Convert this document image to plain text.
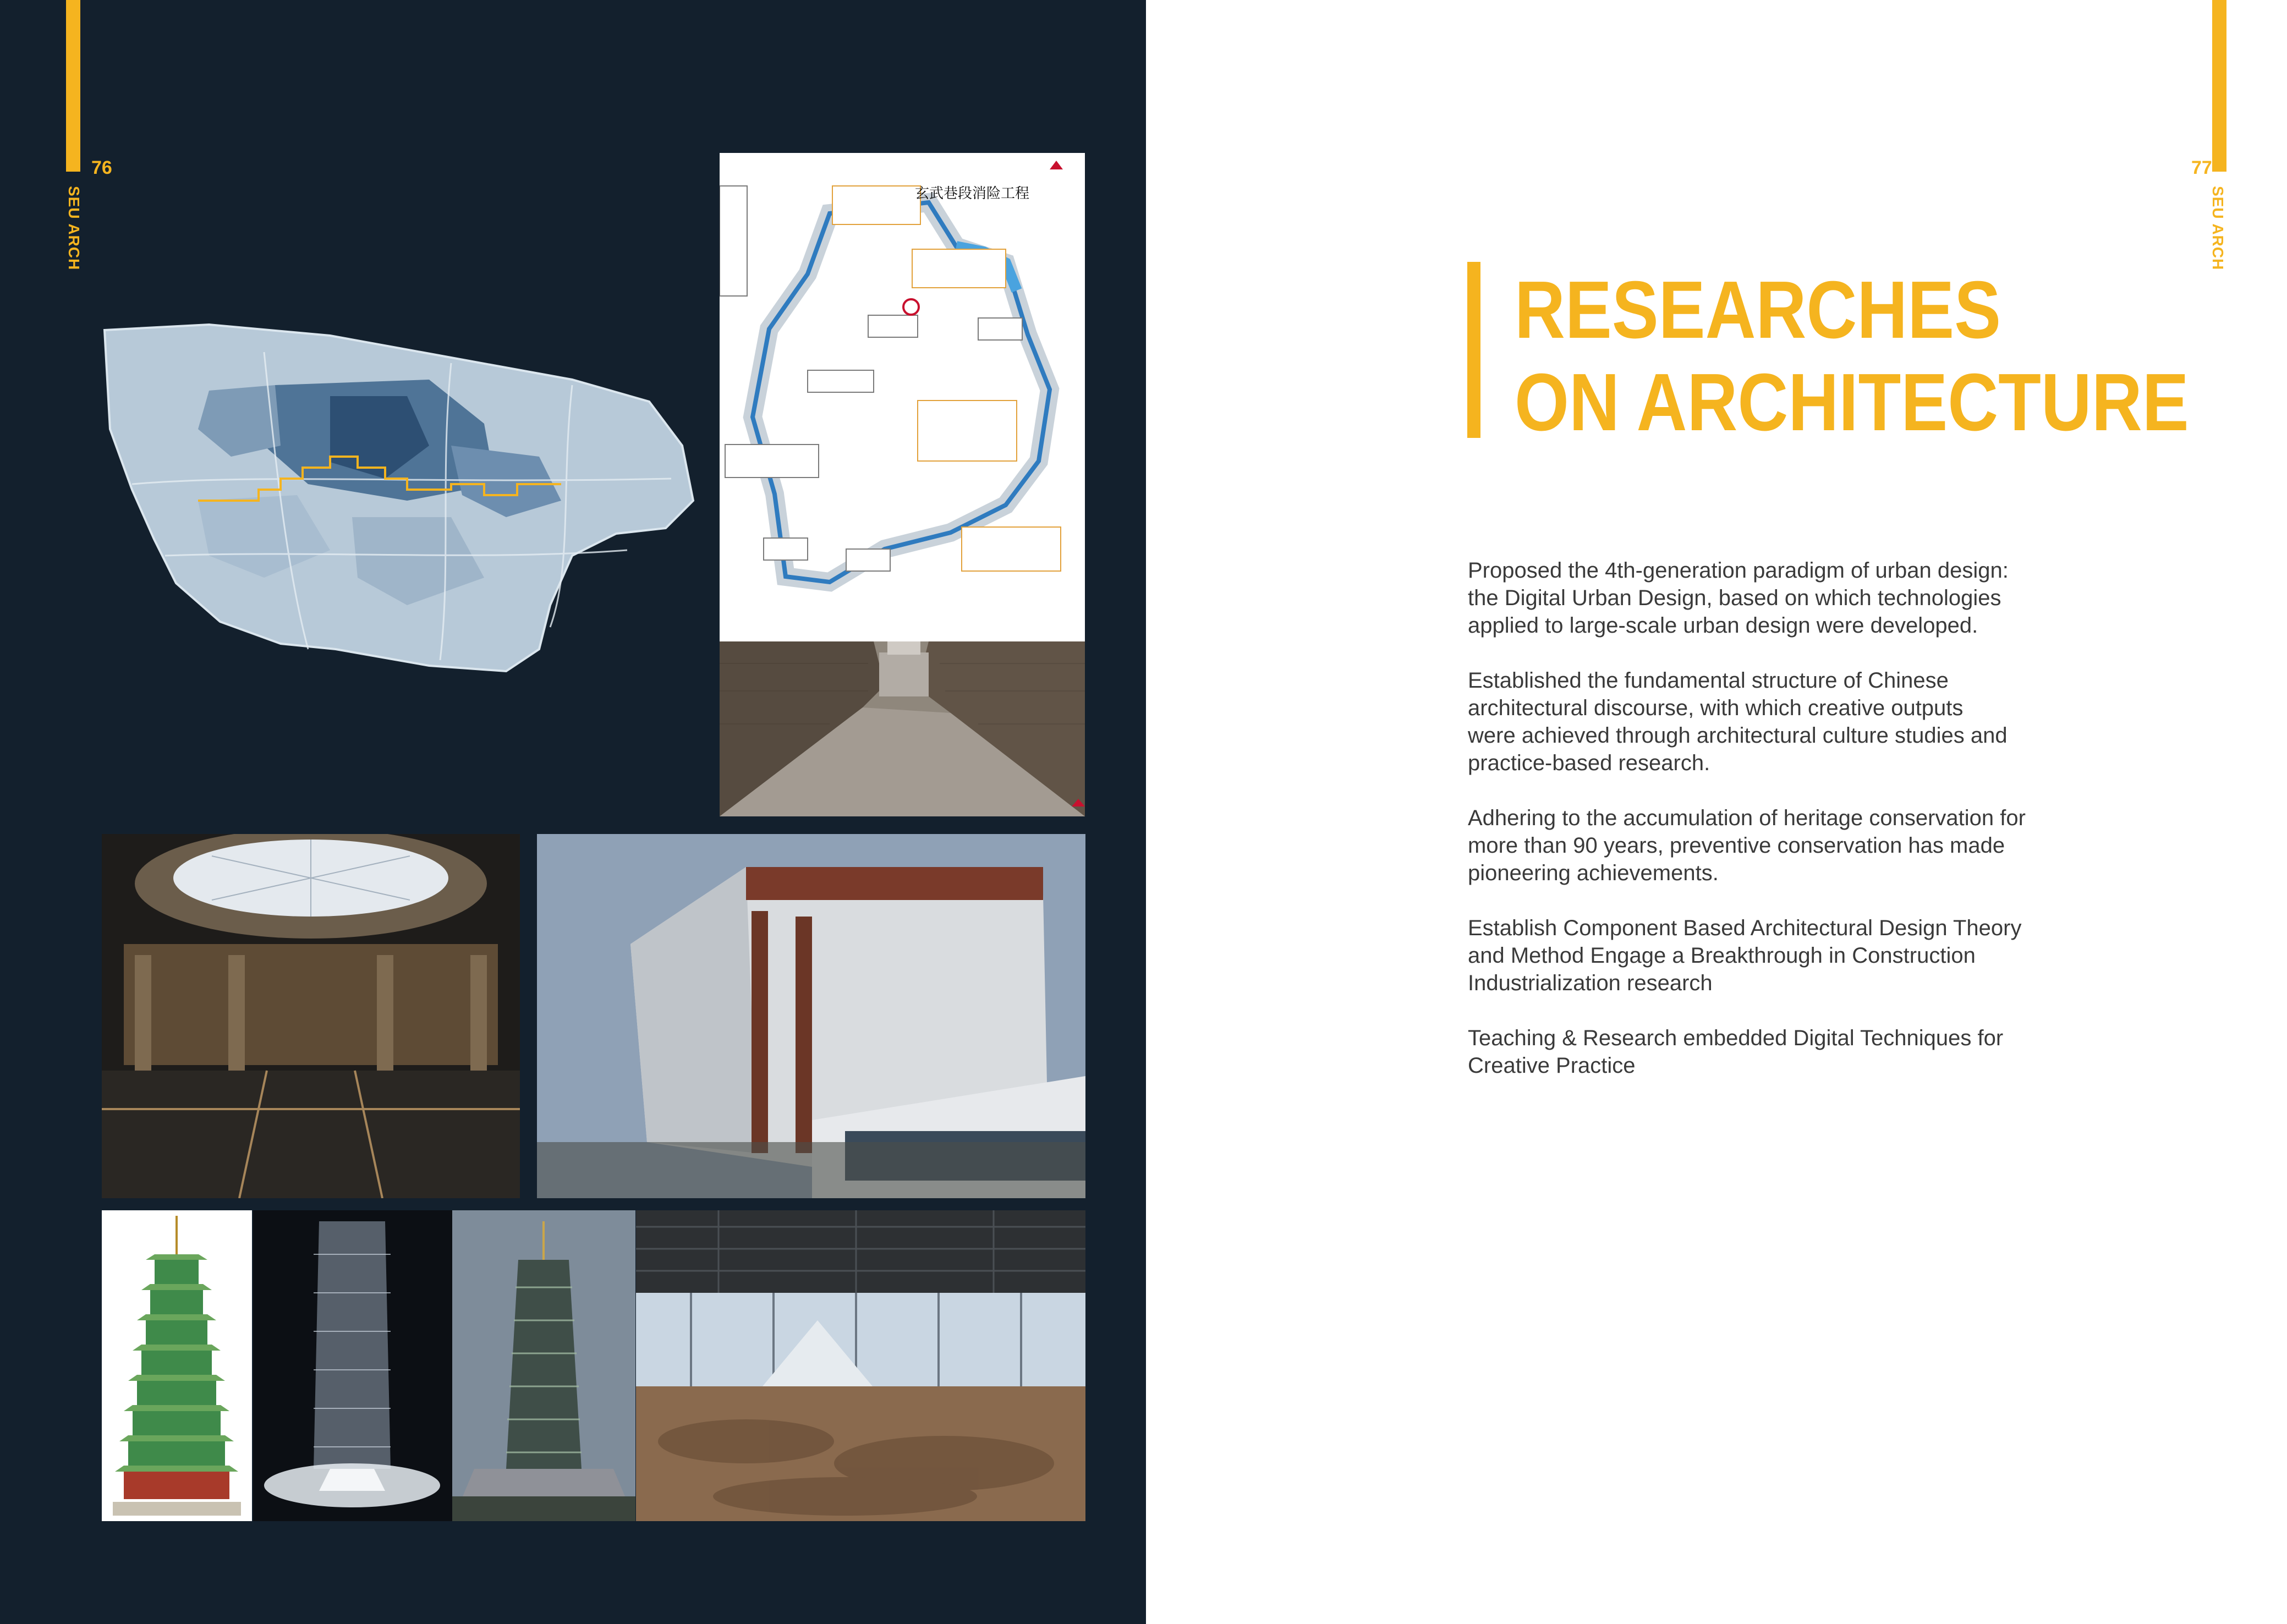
76
SEU ARCH	玄武巷段消险工程
77
SEU ARCH
RESEARCHES
ON ARCHITECTURE

Proposed the 4th-generation paradigm of urban design:
the Digital Urban Design, based on which technologies
applied to large-scale urban design were developed.

Established the fundamental structure of Chinese
architectural discourse, with which creative outputs
were achieved through architectural culture studies and
practice-based research.

Adhering to the accumulation of heritage conservation for
more than 90 years, preventive conservation has made
pioneering achievements.

Establish Component Based Architectural Design Theory
and Method Engage a Breakthrough in Construction
Industrialization research

Teaching & Research embedded Digital Techniques for
Creative Practice
